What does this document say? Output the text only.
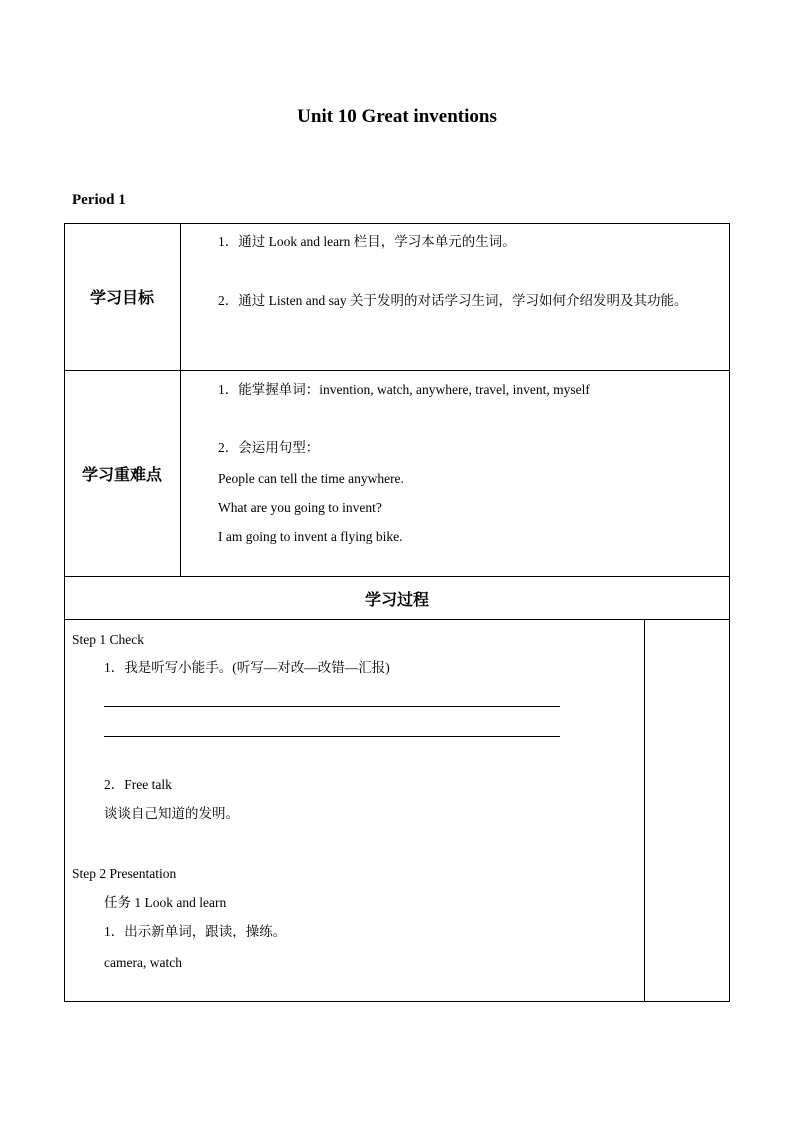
Unit 10 Great inventions
Period 1
学习目标
1．通过 Look and learn 栏目，学习本单元的生词。
2．通过 Listen and say 关于发明的对话学习生词，学习如何介绍发明及其功能。
学习重难点
1．能掌握单词：invention, watch, anywhere, travel, invent, myself
2．会运用句型：
People can tell the time anywhere.
What are you going to invent?
I am going to invent a flying bike.
学习过程
Step 1 Check
1．我是听写小能手。(听写—对改—改错—汇报)
2．Free talk
谈谈自己知道的发明。
Step 2 Presentation
任务 1 Look and learn
1．出示新单词，跟读，操练。
camera, watch
